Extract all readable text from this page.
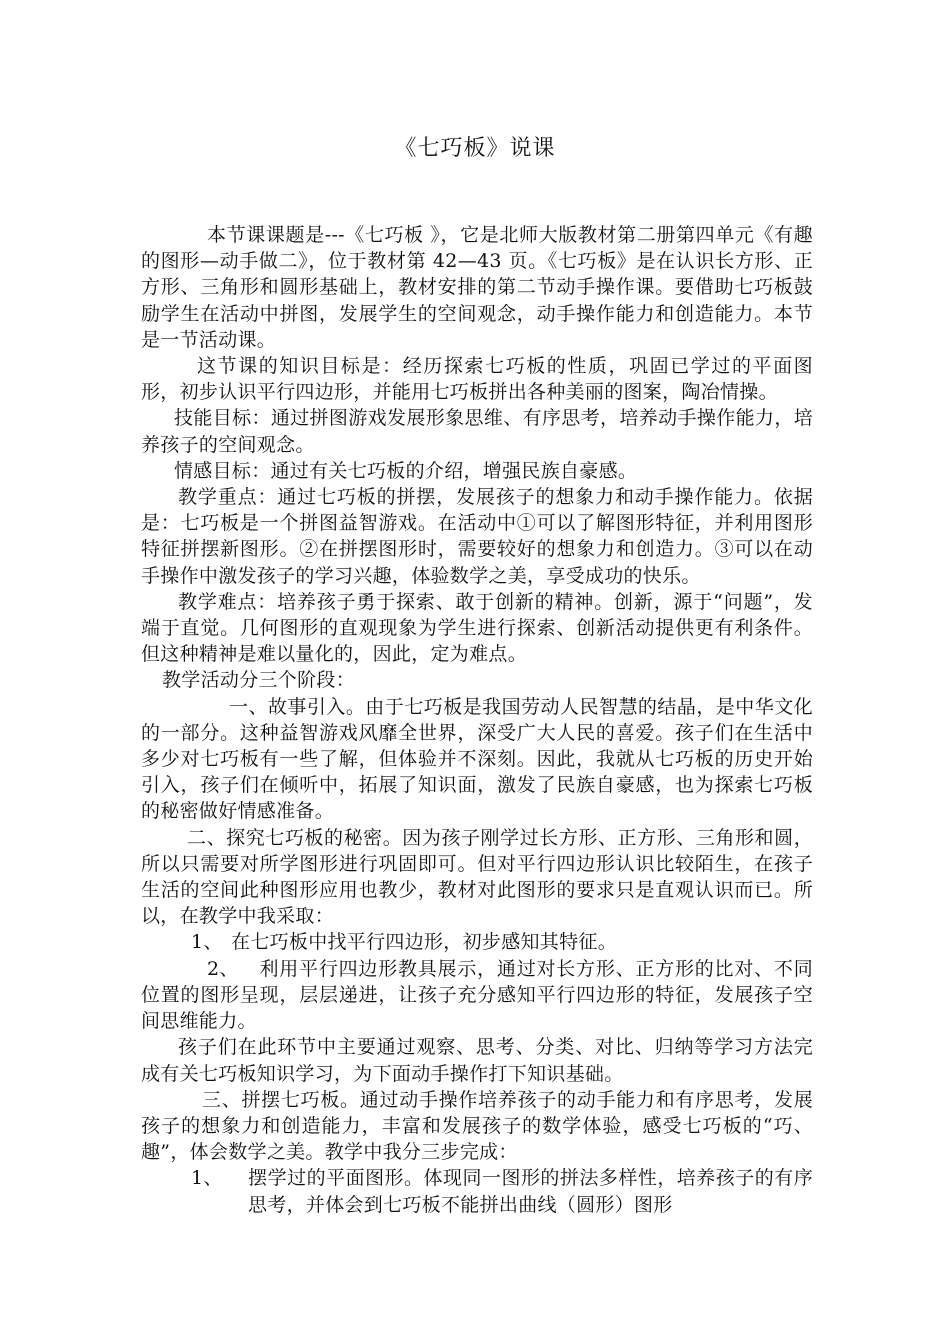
《七巧板》说课

本节课课题是---《七巧板 》，它是北师大版教材第二册第四单元《有趣的图形—动手做二》，位于教材第 42—43 页。《七巧板》是在认识长方形、正方形、三角形和圆形基础上，教材安排的第二节动手操作课。要借助七巧板鼓励学生在活动中拼图，发展学生的空间观念，动手操作能力和创造能力。本节是一节活动课。

这节课的知识目标是：经历探索七巧板的性质，巩固已学过的平面图形，初步认识平行四边形，并能用七巧板拼出各种美丽的图案，陶冶情操。

技能目标：通过拼图游戏发展形象思维、有序思考，培养动手操作能力，培养孩子的空间观念。

情感目标：通过有关七巧板的介绍，增强民族自豪感。

教学重点：通过七巧板的拼摆，发展孩子的想象力和动手操作能力。依据是：七巧板是一个拼图益智游戏。在活动中①可以了解图形特征，并利用图形特征拼摆新图形。②在拼摆图形时，需要较好的想象力和创造力。③可以在动手操作中激发孩子的学习兴趣，体验数学之美，享受成功的快乐。

教学难点：培养孩子勇于探索、敢于创新的精神。创新，源于“问题”，发端于直觉。几何图形的直观现象为学生进行探索、创新活动提供更有利条件。但这种精神是难以量化的，因此，定为难点。

教学活动分三个阶段：

一、故事引入。由于七巧板是我国劳动人民智慧的结晶，是中华文化的一部分。这种益智游戏风靡全世界，深受广大人民的喜爱。孩子们在生活中多少对七巧板有一些了解，但体验并不深刻。因此，我就从七巧板的历史开始引入，孩子们在倾听中，拓展了知识面，激发了民族自豪感，也为探索七巧板的秘密做好情感准备。

二、探究七巧板的秘密。因为孩子刚学过长方形、正方形、三角形和圆，所以只需要对所学图形进行巩固即可。但对平行四边形认识比较陌生，在孩子生活的空间此种图形应用也教少，教材对此图形的要求只是直观认识而已。所以，在教学中我采取：

1、 在七巧板中找平行四边形，初步感知其特征。

2、 利用平行四边形教具展示，通过对长方形、正方形的比对、不同位置的图形呈现，层层递进，让孩子充分感知平行四边形的特征，发展孩子空间思维能力。

孩子们在此环节中主要通过观察、思考、分类、对比、归纳等学习方法完成有关七巧板知识学习，为下面动手操作打下知识基础。

三、拼摆七巧板。通过动手操作培养孩子的动手能力和有序思考，发展孩子的想象力和创造能力，丰富和发展孩子的数学体验，感受七巧板的“巧、趣”，体会数学之美。教学中我分三步完成：

1、 摆学过的平面图形。体现同一图形的拼法多样性，培养孩子的有序思考，并体会到七巧板不能拼出曲线（圆形）图形
